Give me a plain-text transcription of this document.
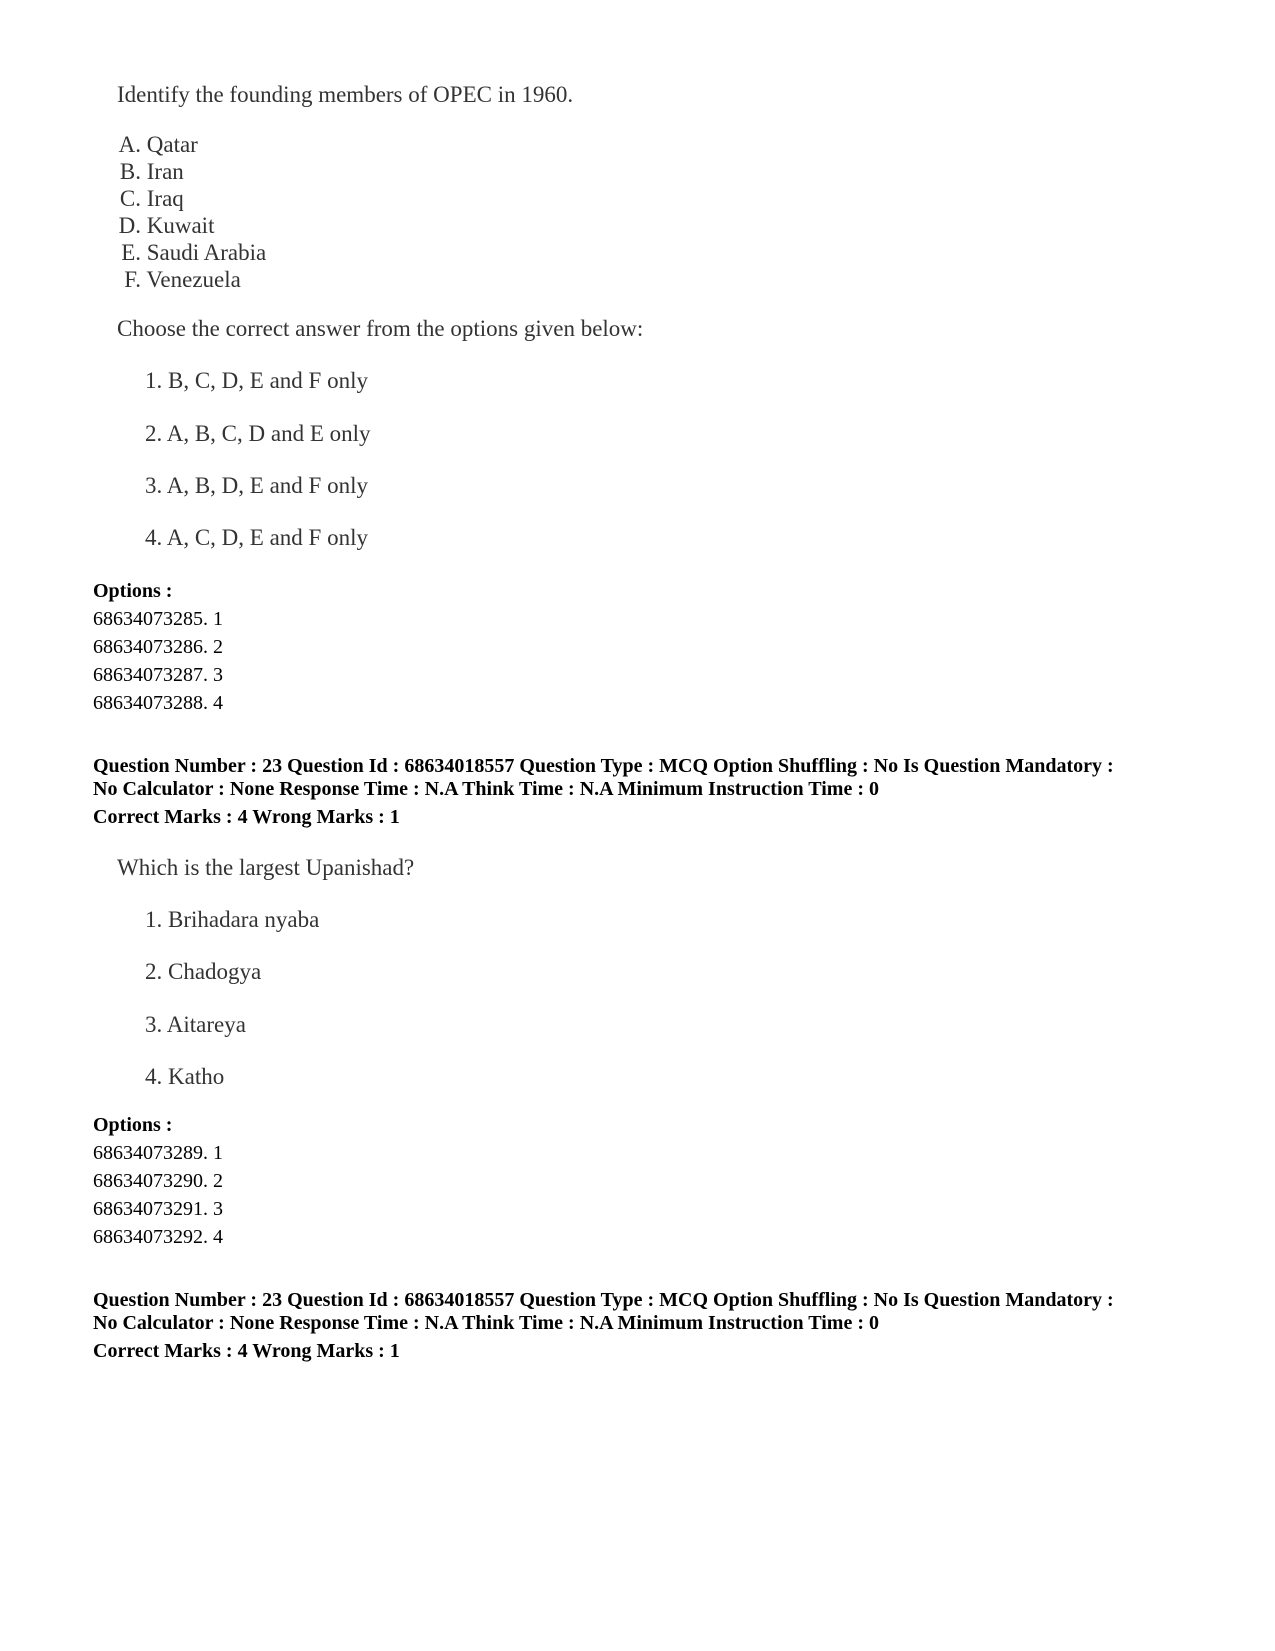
Identify the founding members of OPEC in 1960.
A. Qatar
B. Iran
C. Iraq
D. Kuwait
E. Saudi Arabia
F. Venezuela
Choose the correct answer from the options given below:
1. B, C, D, E and F only
2. A, B, C, D and E only
3. A, B, D, E and F only
4. A, C, D, E and F only
Options :
68634073285. 1
68634073286. 2
68634073287. 3
68634073288. 4
Question Number : 23 Question Id : 68634018557 Question Type : MCQ Option Shuffling : No Is Question Mandatory :
No Calculator : None Response Time : N.A Think Time : N.A Minimum Instruction Time : 0
Correct Marks : 4 Wrong Marks : 1
Which is the largest Upanishad?
1. Brihadara nyaba
2. Chadogya
3. Aitareya
4. Katho
Options :
68634073289. 1
68634073290. 2
68634073291. 3
68634073292. 4
Question Number : 23 Question Id : 68634018557 Question Type : MCQ Option Shuffling : No Is Question Mandatory :
No Calculator : None Response Time : N.A Think Time : N.A Minimum Instruction Time : 0
Correct Marks : 4 Wrong Marks : 1
